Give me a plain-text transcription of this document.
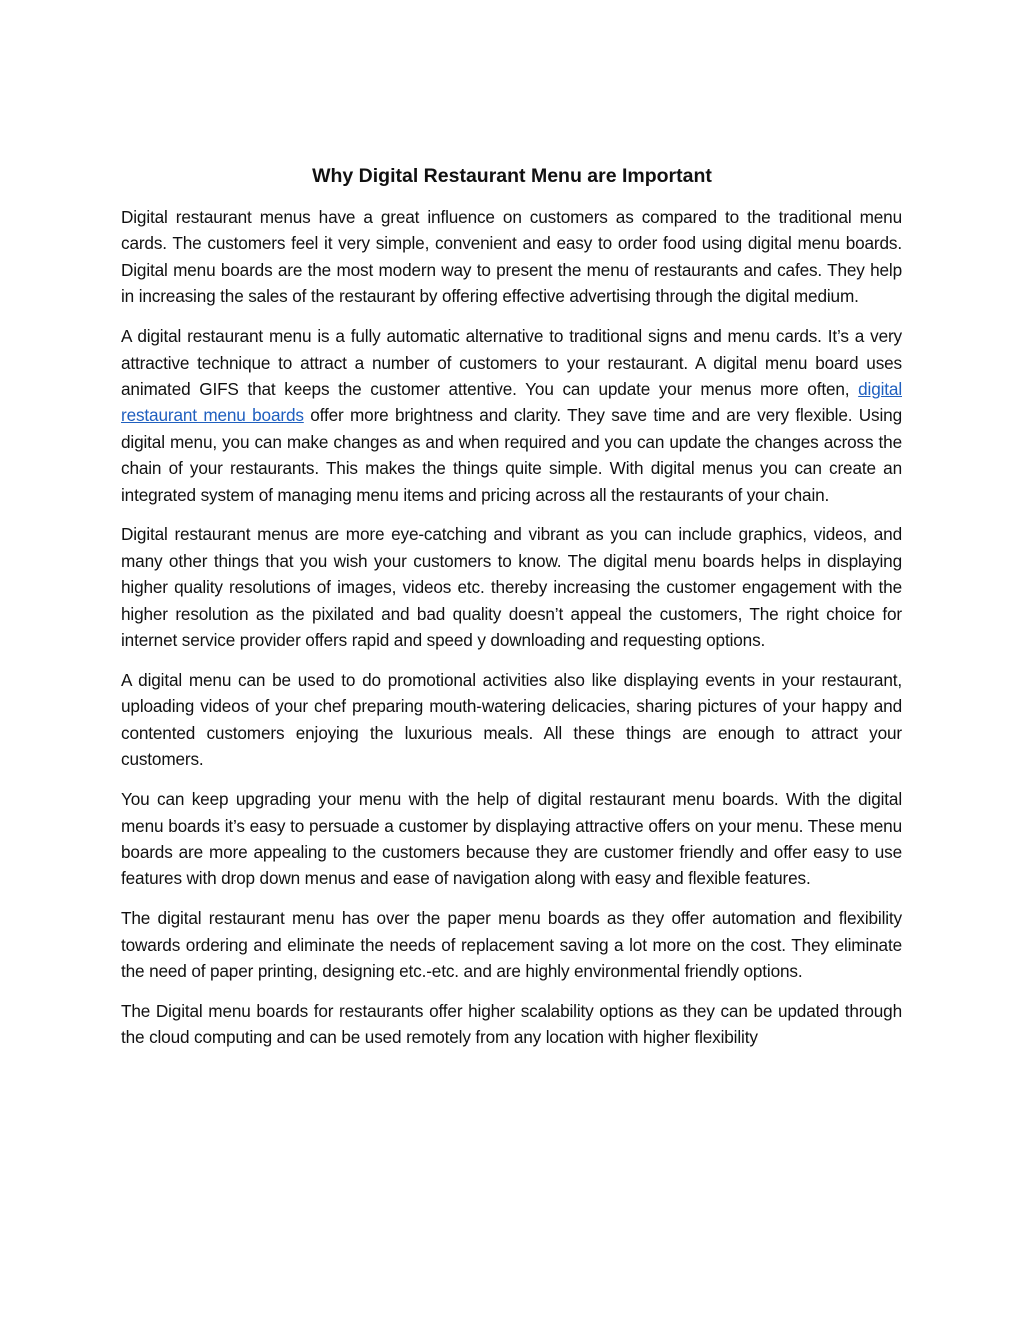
Why Digital Restaurant Menu are Important

Digital restaurant menus have a great influence on customers as compared to the traditional menu cards. The customers feel it very simple, convenient and easy to order food using digital menu boards. Digital menu boards are the most modern way to present the menu of restaurants and cafes. They help in increasing the sales of the restaurant by offering effective advertising through the digital medium.

A digital restaurant menu is a fully automatic alternative to traditional signs and menu cards. It’s a very attractive technique to attract a number of customers to your restaurant. A digital menu board uses animated GIFS that keeps the customer attentive. You can update your menus more often, digital restaurant menu boards offer more brightness and clarity. They save time and are very flexible. Using digital menu, you can make changes as and when required and you can update the changes across the chain of your restaurants. This makes the things quite simple. With digital menus you can create an integrated system of managing menu items and pricing across all the restaurants of your chain.

Digital restaurant menus are more eye-catching and vibrant as you can include graphics, videos, and many other things that you wish your customers to know. The digital menu boards helps in displaying higher quality resolutions of images, videos etc. thereby increasing the customer engagement with the higher resolution as the pixilated and bad quality doesn’t appeal the customers, The right choice for internet service provider offers rapid and speed y downloading and requesting options.

A digital menu can be used to do promotional activities also like displaying events in your restaurant, uploading videos of your chef preparing mouth-watering delicacies, sharing pictures of your happy and contented customers enjoying the luxurious meals. All these things are enough to attract your customers.

You can keep upgrading your menu with the help of digital restaurant menu boards. With the digital menu boards it’s easy to persuade a customer by displaying attractive offers on your menu. These menu boards are more appealing to the customers because they are customer friendly and offer easy to use features with drop down menus and ease of navigation along with easy and flexible features.

The digital restaurant menu has over the paper menu boards as they offer automation and flexibility towards ordering and eliminate the needs of replacement saving a lot more on the cost. They eliminate the need of paper printing, designing etc.-etc. and are highly environmental friendly options.

The Digital menu boards for restaurants offer higher scalability options as they can be updated through the cloud computing and can be used remotely from any location with higher flexibility
